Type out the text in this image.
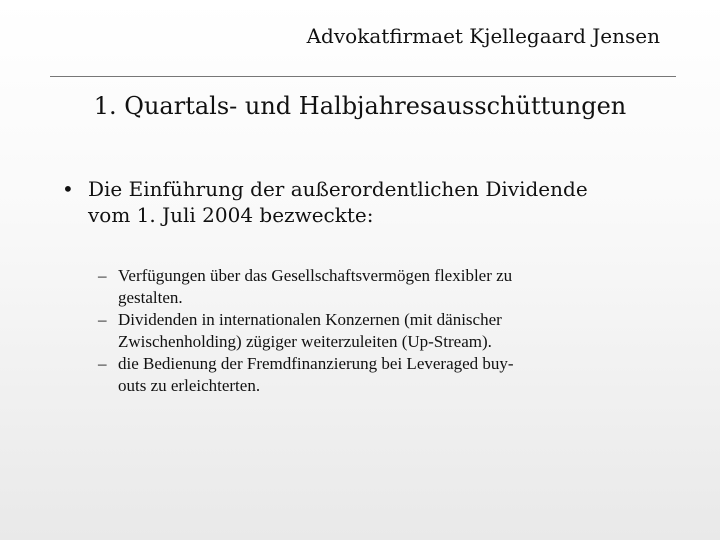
Advokatfirmaet Kjellegaard Jensen
1. Quartals- und Halbjahresausschüttungen
• Die Einführung der außerordentlichen Dividende
vom 1. Juli 2004 bezweckte:
– Verfügungen über das Gesellschaftsvermögen flexibler zu
gestalten.
– Dividenden in internationalen Konzernen (mit dänischer
Zwischenholding) zügiger weiterzuleiten (Up-Stream).
– die Bedienung der Fremdfinanzierung bei Leveraged buy-
outs zu erleichterten.
